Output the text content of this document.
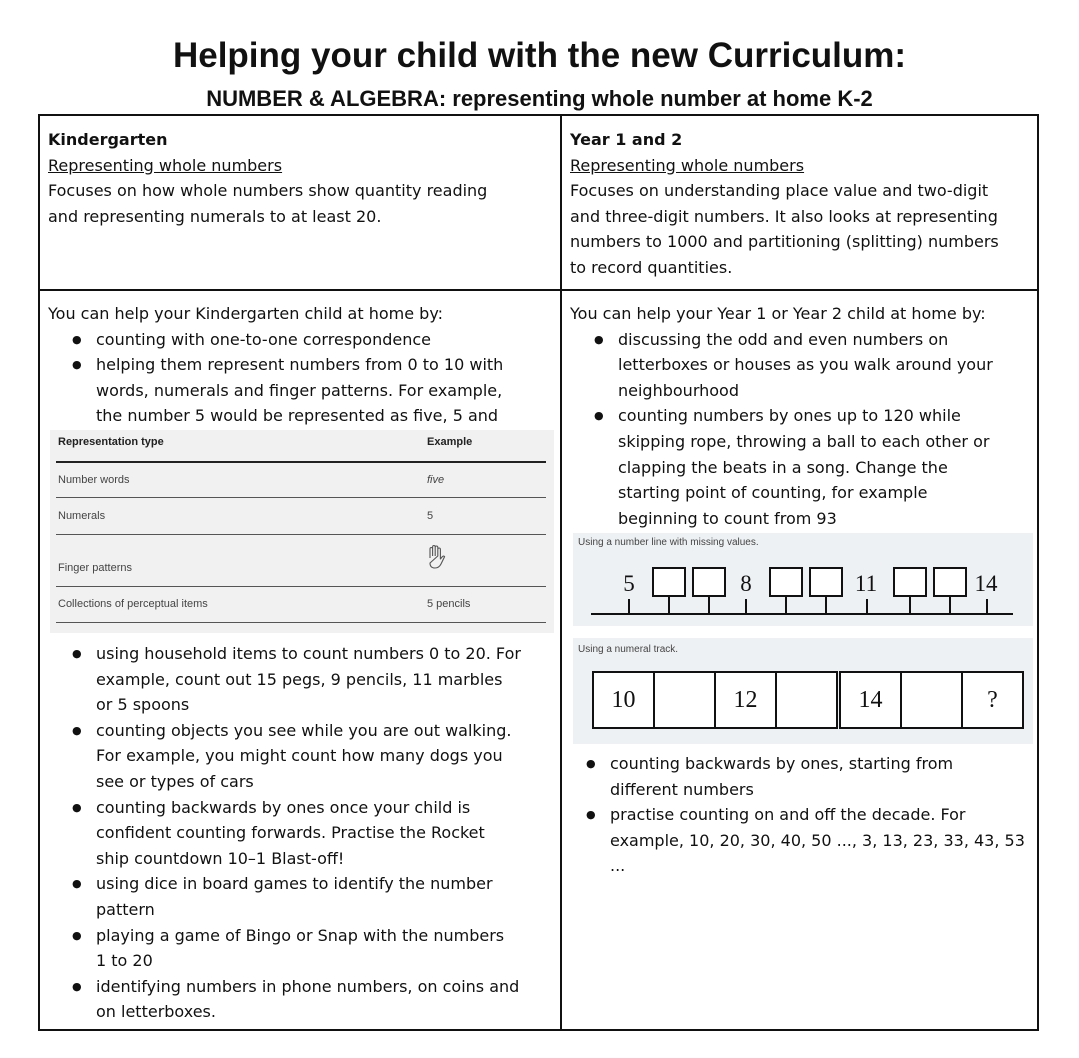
Helping your child with the new Curriculum:
NUMBER & ALGEBRA: representing whole number at home K-2
Kindergarten
Representing whole numbers
Focuses on how whole numbers show quantity reading
and representing numerals to at least 20.
Year 1 and 2
Representing whole numbers
Focuses on understanding place value and two-digit
and three-digit numbers. It also looks at representing
numbers to 1000 and partitioning (splitting) numbers
to record quantities.
You can help your Kindergarten child at home by:
● counting with one-to-one correspondence
● helping them represent numbers from 0 to 10 with
words, numerals and finger patterns. For example,
the number 5 would be represented as five, 5 and
Representation type	Example
Number words	five
Numerals	5
Finger patterns
Collections of perceptual items	5 pencils
● using household items to count numbers 0 to 20. For
example, count out 15 pegs, 9 pencils, 11 marbles
or 5 spoons
● counting objects you see while you are out walking.
For example, you might count how many dogs you
see or types of cars
● counting backwards by ones once your child is
confident counting forwards. Practise the Rocket
ship countdown 10–1 Blast-off!
● using dice in board games to identify the number
pattern
● playing a game of Bingo or Snap with the numbers
1 to 20
● identifying numbers in phone numbers, on coins and
on letterboxes.
You can help your Year 1 or Year 2 child at home by:
● discussing the odd and even numbers on
letterboxes or houses as you walk around your
neighbourhood
● counting numbers by ones up to 120 while
skipping rope, throwing a ball to each other or
clapping the beats in a song. Change the
starting point of counting, for example
beginning to count from 93
Using a number line with missing values.
5	8	11	14
Using a numeral track.
10	12	14	?
● counting backwards by ones, starting from
different numbers
● practise counting on and off the decade. For
example, 10, 20, 30, 40, 50 ..., 3, 13, 23, 33, 43, 53
...
